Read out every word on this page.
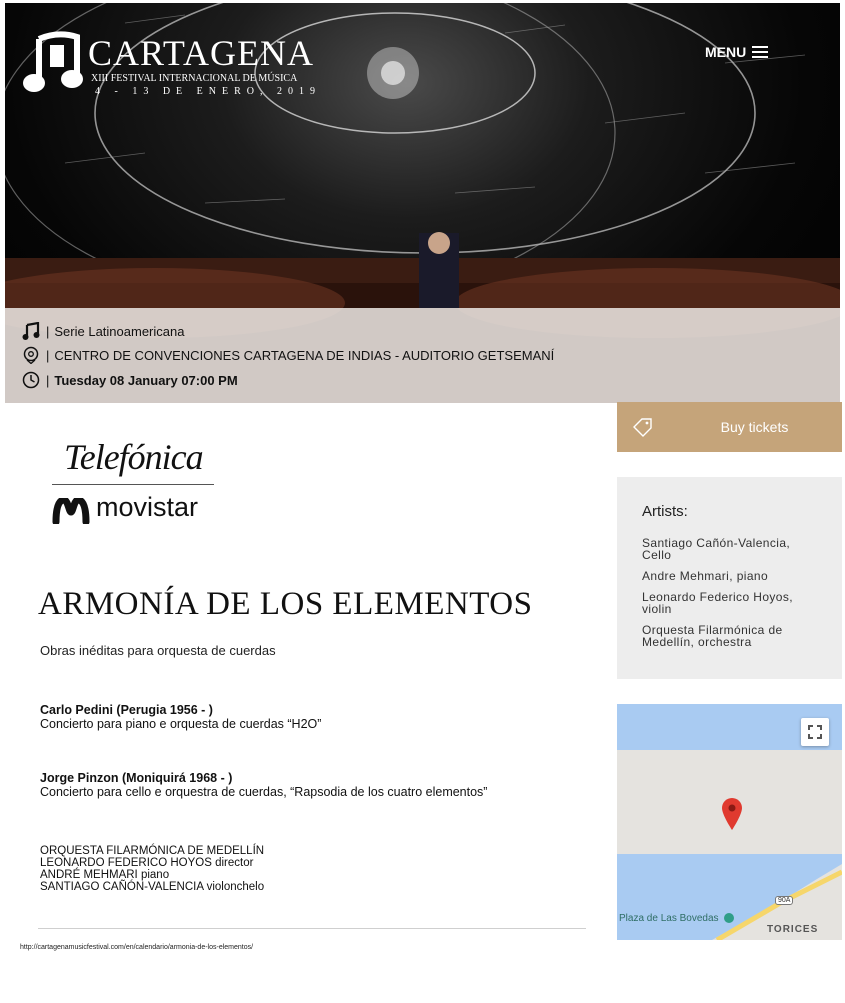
CARTAGENA
XIII FESTIVAL INTERNACIONAL DE MÚSICA
4 - 13 DE ENERO, 2019
MENU
| Serie Latinoamericana
| CENTRO DE CONVENCIONES CARTAGENA DE INDIAS - AUDITORIO GETSEMANÍ
| Tuesday 08 January 07:00 PM
Buy tickets
Telefónica
movistar
ARMONÍA DE LOS ELEMENTOS
Obras inéditas para orquesta de cuerdas
Carlo Pedini (Perugia 1956 - )
Concierto para piano e orquesta de cuerdas “H2O”
Jorge Pinzon (Moniquirá 1968 - )
Concierto para cello e orquestra de cuerdas, “Rapsodia de los cuatro elementos”
ORQUESTA FILARMÓNICA DE MEDELLÍN
LEONARDO FEDERICO HOYOS director
ANDRÉ MEHMARI piano
SANTIAGO CAÑÓN-VALENCIA violonchelo
http://cartagenamusicfestival.com/en/calendario/armonia-de-los-elementos/
Artists:
Santiago Cañón-Valencia, Cello
Andre Mehmari, piano
Leonardo Federico Hoyos, violin
Orquesta Filarmónica de Medellín, orchestra
Plaza de Las Bovedas
90A
TORICES
